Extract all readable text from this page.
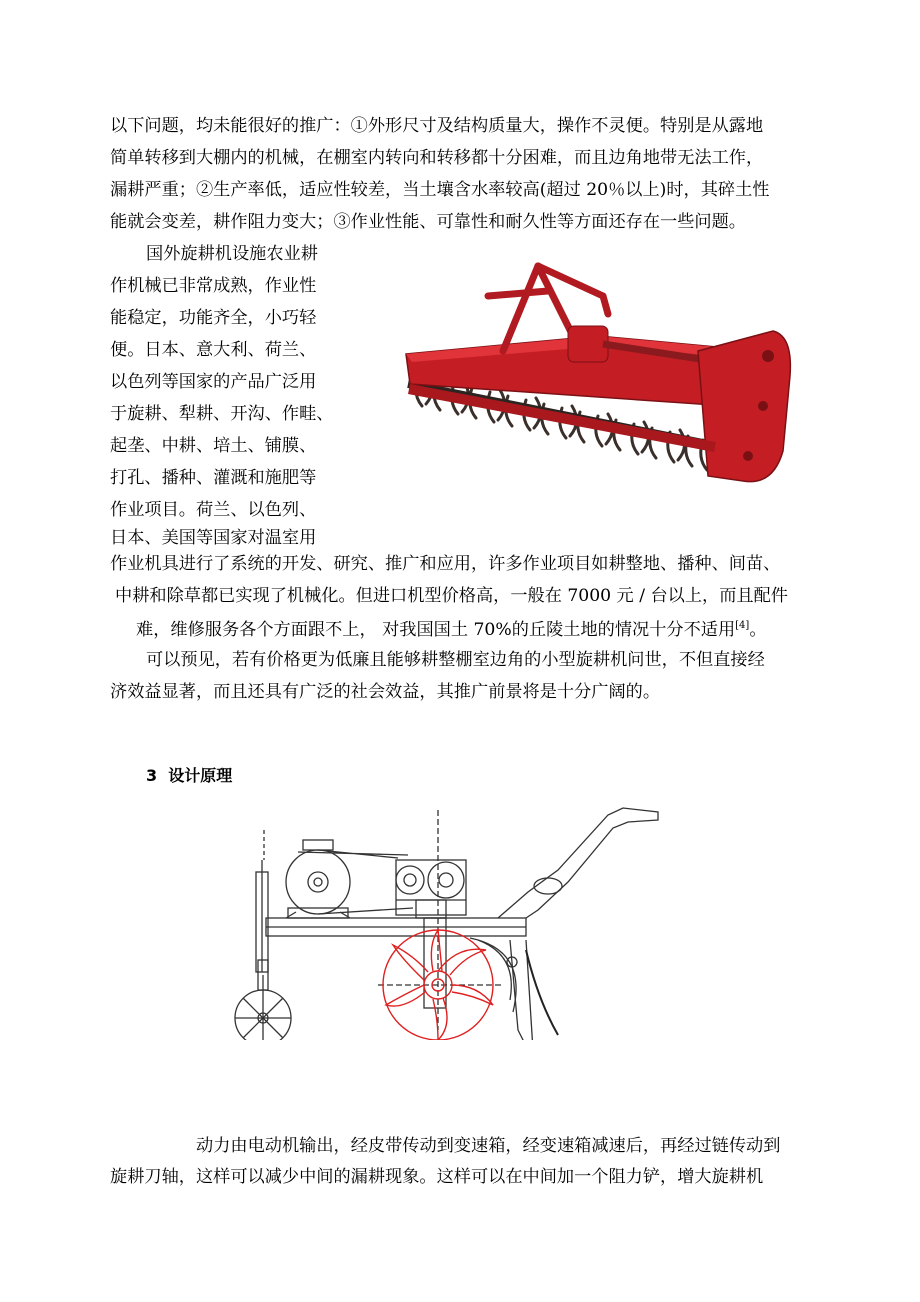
以下问题，均未能很好的推广：①外形尺寸及结构质量大，操作不灵便。特别是从露地
简单转移到大棚内的机械，在棚室内转向和转移都十分困难，而且边角地带无法工作，
漏耕严重；②生产率低，适应性较差，当土壤含水率较高(超过 20％以上)时，其碎土性
能就会变差，耕作阻力变大；③作业性能、可靠性和耐久性等方面还存在一些问题。
国外旋耕机设施农业耕
作机械已非常成熟，作业性
能稳定，功能齐全，小巧轻
便。日本、意大利、荷兰、
以色列等国家的产品广泛用
于旋耕、犁耕、开沟、作畦、
起垄、中耕、培土、铺膜、
打孔、播种、灌溉和施肥等
作业项目。荷兰、以色列、
日本、美国等国家对温室用
作业机具进行了系统的开发、研究、推广和应用，许多作业项目如耕整地、播种、间苗、
中耕和除草都已实现了机械化。但进口机型价格高，一般在 7000 元 / 台以上，而且配件
难，维修服务各个方面跟不上， 对我国国土 70%的丘陵土地的情况十分不适用[4]。
可以预见，若有价格更为低廉且能够耕整棚室边角的小型旋耕机问世，不但直接经
济效益显著，而且还具有广泛的社会效益，其推广前景将是十分广阔的。
3 设计原理
动力由电动机输出，经皮带传动到变速箱，经变速箱减速后，再经过链传动到
旋耕刀轴，这样可以减少中间的漏耕现象。这样可以在中间加一个阻力铲，增大旋耕机
